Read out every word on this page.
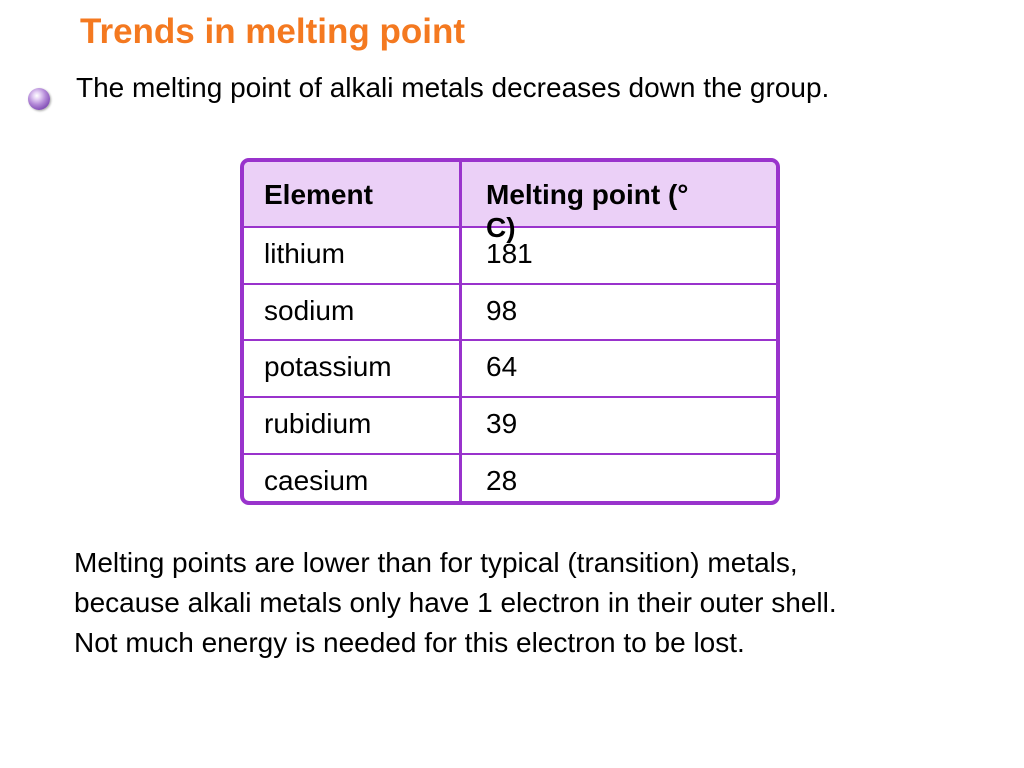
Trends in melting point
The melting point of alkali metals decreases down the group.
Element	Melting point (° C)
lithium	181
sodium	98
potassium	64
rubidium	39
caesium	28
Melting points are lower than for typical (transition) metals,
because alkali metals only have 1 electron in their outer shell.
Not much energy is needed for this electron to be lost.
